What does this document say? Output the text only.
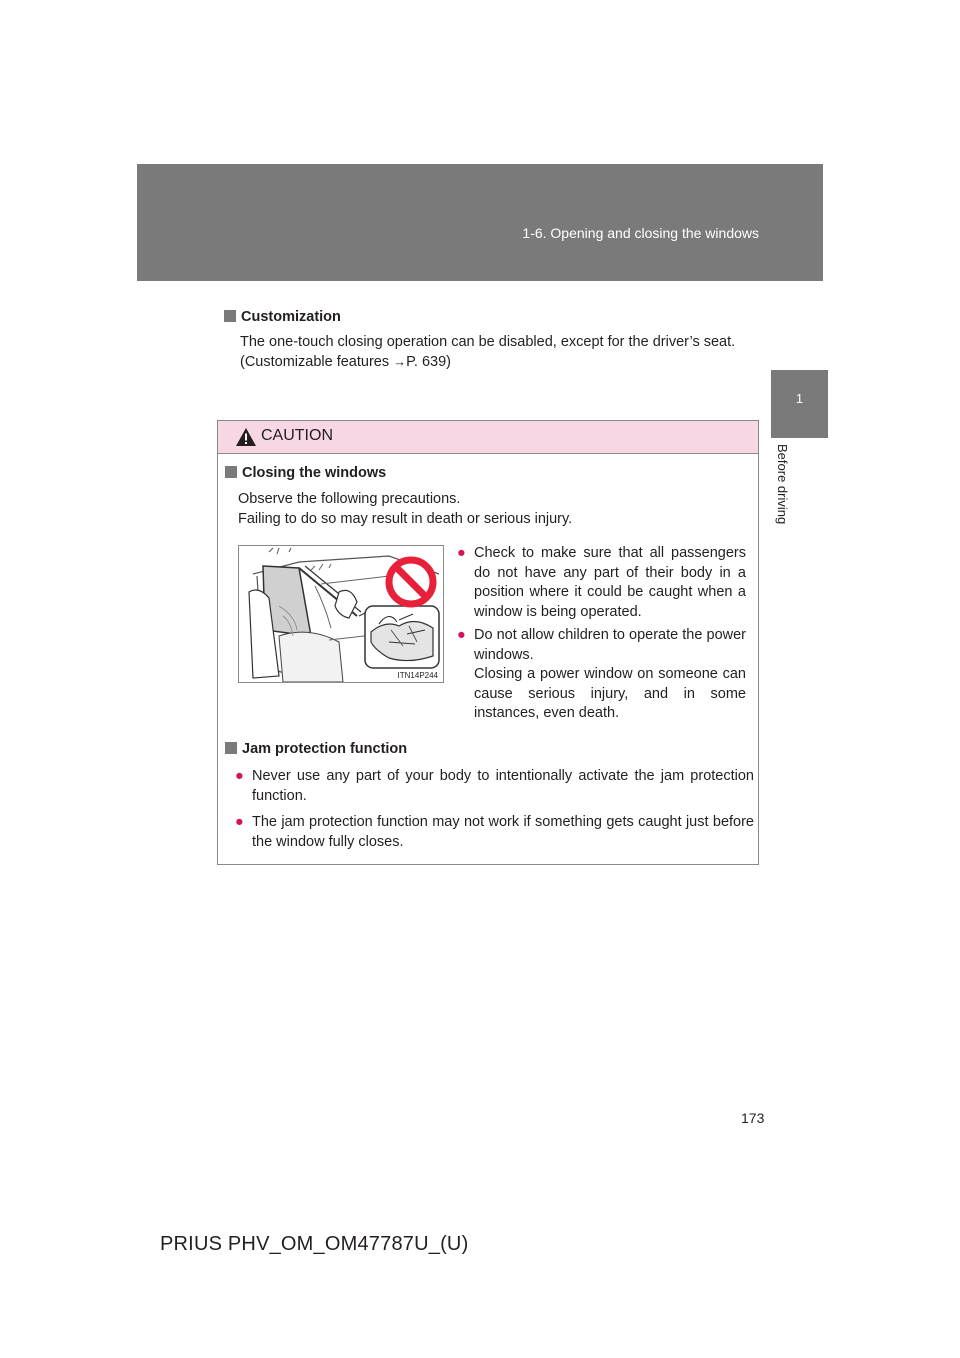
1-6. Opening and closing the windows
1
Before driving
Customization
The one-touch closing operation can be disabled, except for the driver’s seat.
(Customizable features →P. 639)
CAUTION
Closing the windows
Observe the following precautions.
Failing to do so may result in death or serious injury.
ITN14P244
● Check to make sure that all passengers do not have any part of their body in a position where it could be caught when a window is being operated.
● Do not allow children to operate the power windows.
Closing a power window on someone can cause serious injury, and in some instances, even death.
Jam protection function
● Never use any part of your body to intentionally activate the jam protection function.
● The jam protection function may not work if something gets caught just before the window fully closes.
173
PRIUS PHV_OM_OM47787U_(U)
